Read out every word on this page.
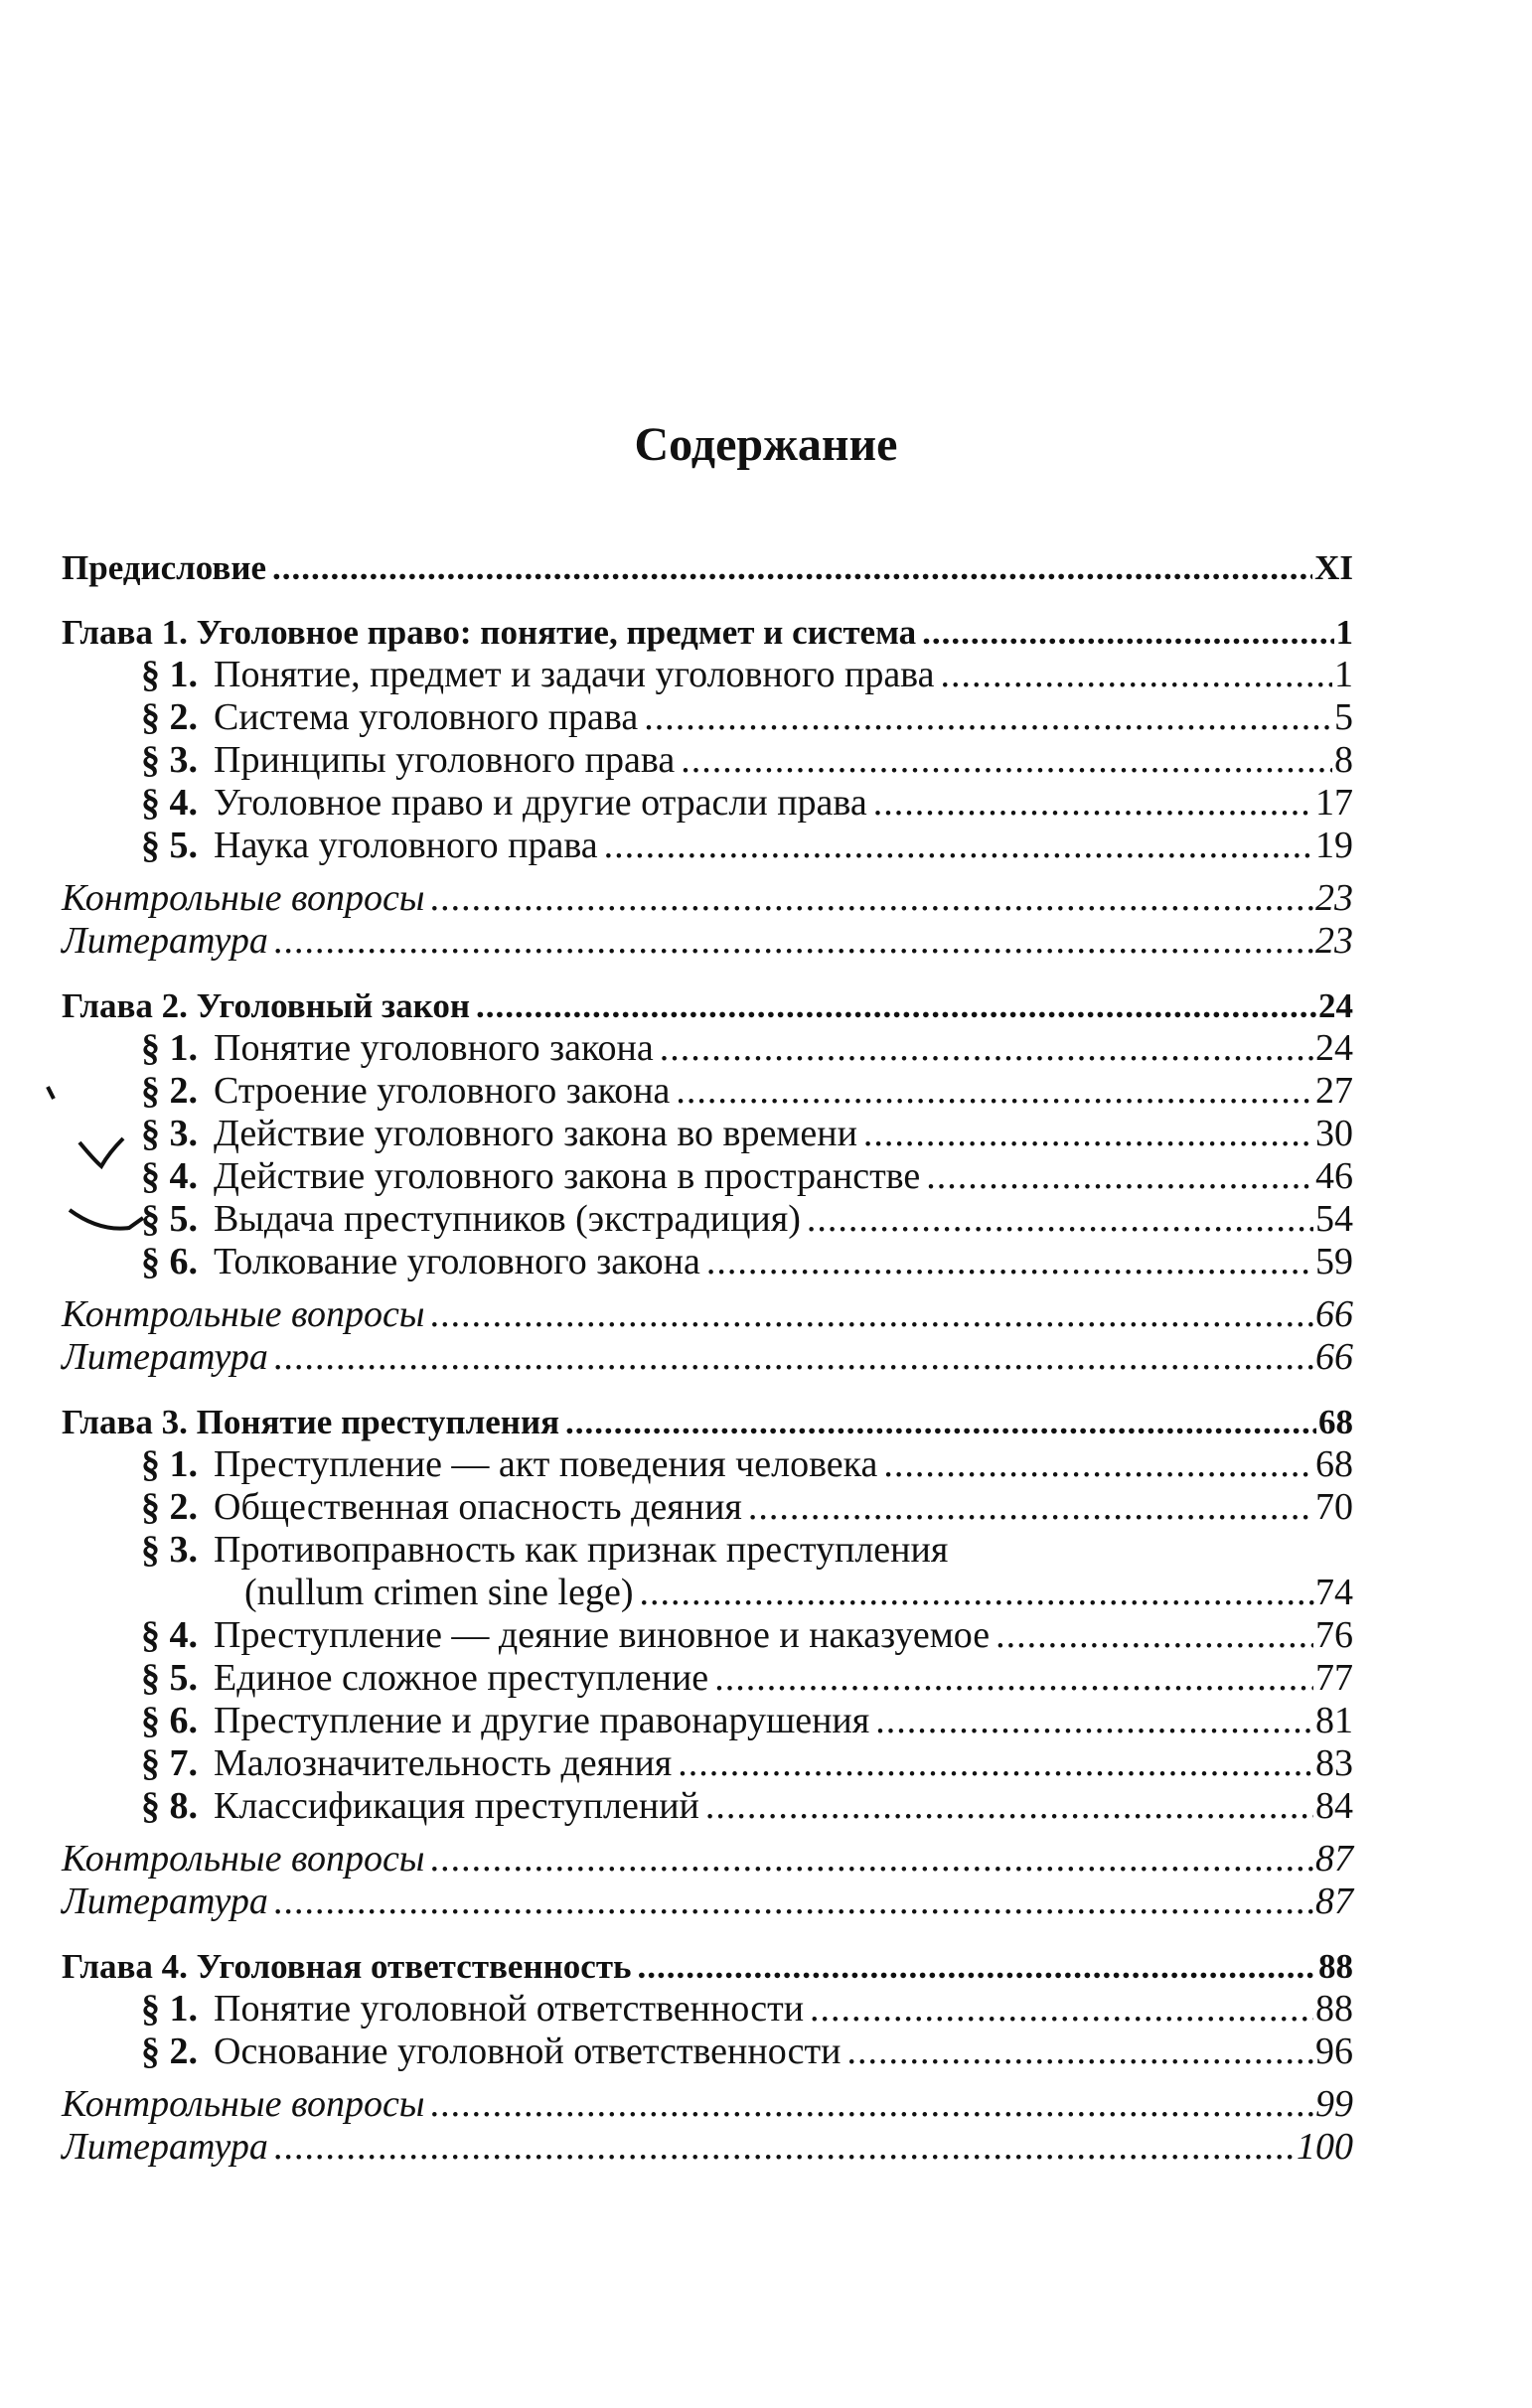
Содержание
Предисловие .....	XI
Глава 1. Уголовное право: понятие, предмет и система .....	1
§ 1. Понятие, предмет и задачи уголовного права .....	1
§ 2. Система уголовного права .....	5
§ 3. Принципы уголовного права .....	8
§ 4. Уголовное право и другие отрасли права .....	17
§ 5. Наука уголовного права .....	19
Контрольные вопросы .....	23
Литература .....	23
Глава 2. Уголовный закон .....	24
§ 1. Понятие уголовного закона .....	24
§ 2. Строение уголовного закона .....	27
§ 3. Действие уголовного закона во времени .....	30
§ 4. Действие уголовного закона в пространстве .....	46
§ 5. Выдача преступников (экстрадиция) .....	54
§ 6. Толкование уголовного закона .....	59
Контрольные вопросы .....	66
Литература .....	66
Глава 3. Понятие преступления .....	68
§ 1. Преступление — акт поведения человека .....	68
§ 2. Общественная опасность деяния .....	70
§ 3. Противоправность как признак преступления
(nullum crimen sine lege) .....	74
§ 4. Преступление — деяние виновное и наказуемое .....	76
§ 5. Единое сложное преступление .....	77
§ 6. Преступление и другие правонарушения .....	81
§ 7. Малозначительность деяния .....	83
§ 8. Классификация преступлений .....	84
Контрольные вопросы .....	87
Литература .....	87
Глава 4. Уголовная ответственность .....	88
§ 1. Понятие уголовной ответственности .....	88
§ 2. Основание уголовной ответственности .....	96
Контрольные вопросы .....	99
Литература .....	100
